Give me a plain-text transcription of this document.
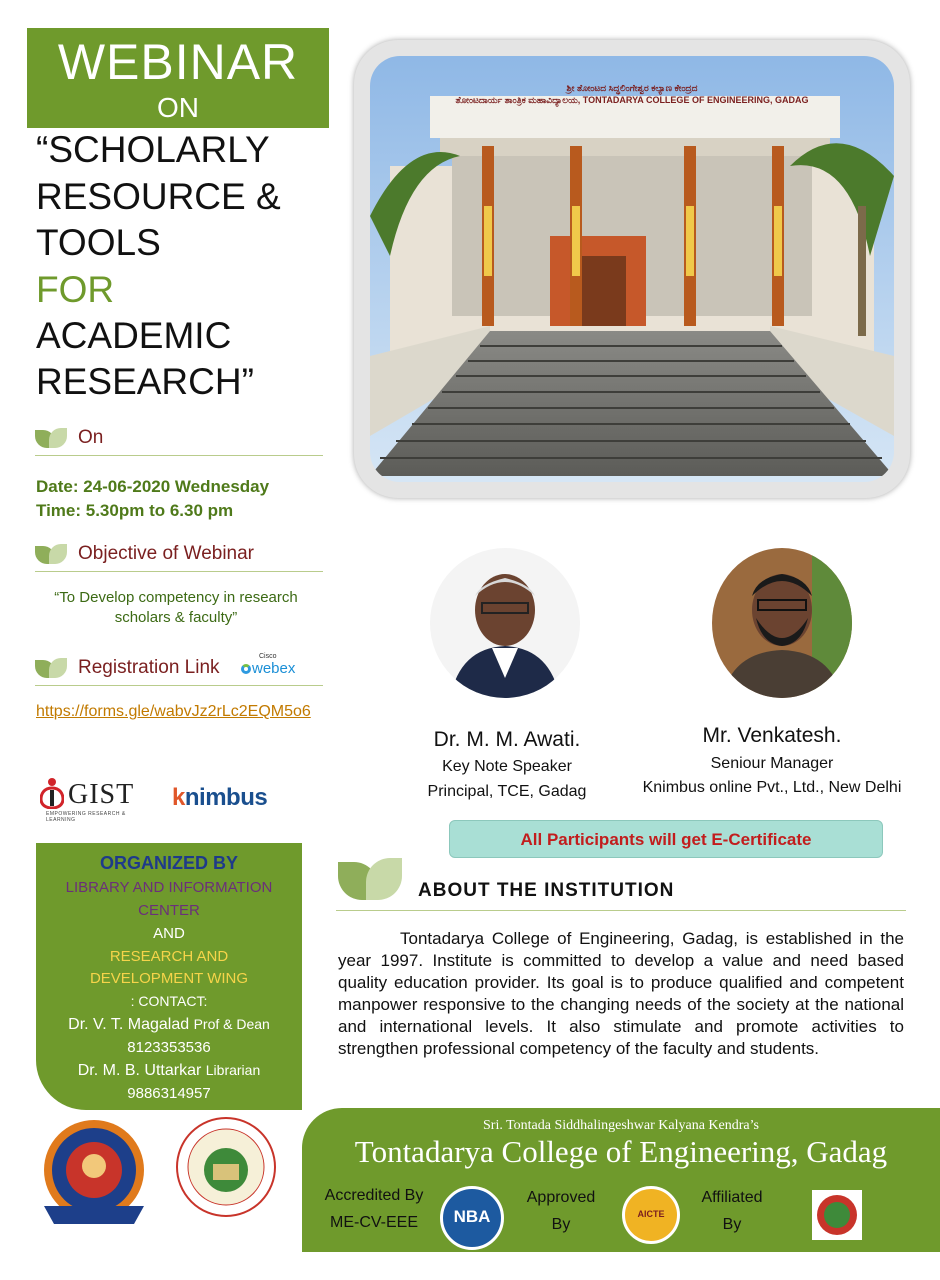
WEBINAR
ON
“SCHOLARLY
RESOURCE &
TOOLS
FOR
ACADEMIC
RESEARCH”
On
Date: 24-06-2020 Wednesday
Time: 5.30pm to 6.30 pm
Objective of Webinar
“To Develop competency in research scholars & faculty”
Registration Link
Cisco
webex
https://forms.gle/wabvJz2rLc2EQM5o6
GIST
EMPOWERING RESEARCH & LEARNING
knimbus
ORGANIZED BY
LIBRARY AND INFORMATION
CENTER
AND
RESEARCH AND
DEVELOPMENT WING
: CONTACT:
Dr. V. T. Magalad Prof & Dean
8123353536
Dr. M. B. Uttarkar Librarian
9886314957
ಶ್ರೀ ತೋಂಟದ ಸಿದ್ಧಲಿಂಗೇಶ್ವರ ಕಲ್ಯಾಣ ಕೇಂದ್ರದ
ತೋಂಟದಾರ್ಯ ತಾಂತ್ರಿಕ ಮಹಾವಿದ್ಯಾಲಯ, TONTADARYA COLLEGE OF ENGINEERING, GADAG
Dr. M. M. Awati.
Key Note Speaker
Principal, TCE, Gadag
Mr. Venkatesh.
Seniour Manager
Knimbus online Pvt., Ltd., New Delhi
All Participants will get E-Certificate
ABOUT THE INSTITUTION
Tontadarya College of Engineering, Gadag, is established in the year 1997. Institute is committed to develop a value and need based quality education provider. Its goal is to produce qualified and competent manpower responsive to the changing needs of the society at the national and international levels. It also stimulate and promote activities to strengthen professional competency of the faculty and students.
Sri. Tontada Siddhalingeshwar Kalyana Kendra’s
Tontadarya College of Engineering, Gadag
Accredited By
ME-CV-EEE	NBA
Approved
By
AICTE
Affiliated
By
